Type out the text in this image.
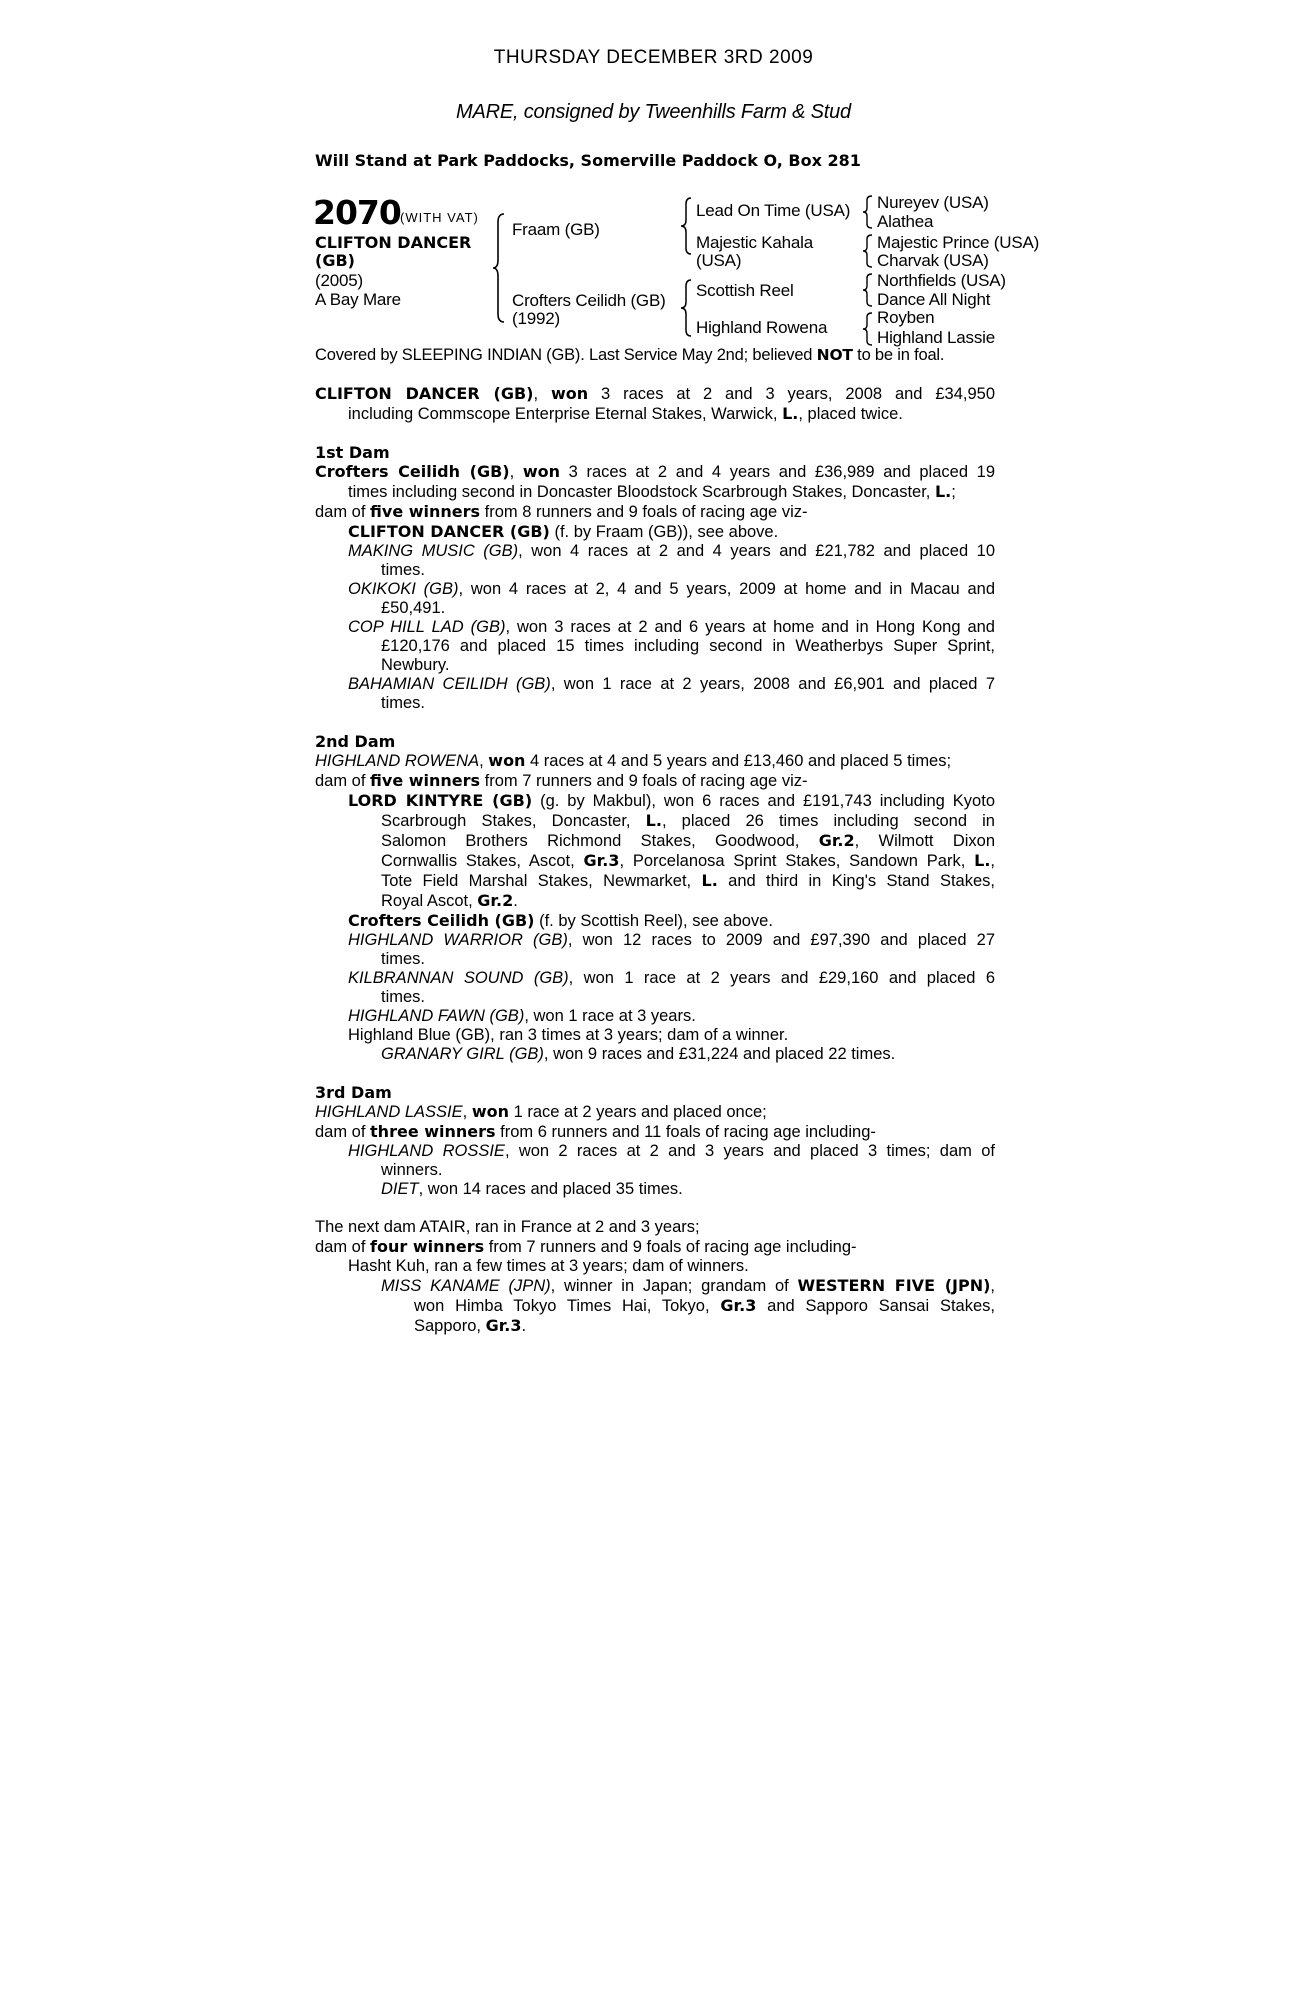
THURSDAY DECEMBER 3RD 2009
MARE, consigned by Tweenhills Farm & Stud
Will Stand at Park Paddocks, Somerville Paddock O, Box 281
2070 (WITH VAT)
CLIFTON DANCER
(GB)
(2005)
A Bay Mare
Fraam (GB)
Crofters Ceilidh (GB)
(1992)
Lead On Time (USA)
Majestic Kahala
(USA)
Scottish Reel
Highland Rowena
Nureyev (USA)
Alathea
Majestic Prince (USA)
Charvak (USA)
Northfields (USA)
Dance All Night
Royben
Highland Lassie
Covered by SLEEPING INDIAN (GB). Last Service May 2nd; believed NOT to be in foal.
CLIFTON DANCER (GB), won 3 races at 2 and 3 years, 2008 and £34,950
including Commscope Enterprise Eternal Stakes, Warwick, L., placed twice.
1st Dam
Crofters Ceilidh (GB), won 3 races at 2 and 4 years and £36,989 and placed 19
times including second in Doncaster Bloodstock Scarbrough Stakes, Doncaster, L.;
dam of five winners from 8 runners and 9 foals of racing age viz-
CLIFTON DANCER (GB) (f. by Fraam (GB)), see above.
MAKING MUSIC (GB), won 4 races at 2 and 4 years and £21,782 and placed 10
times.
OKIKOKI (GB), won 4 races at 2, 4 and 5 years, 2009 at home and in Macau and
£50,491.
COP HILL LAD (GB), won 3 races at 2 and 6 years at home and in Hong Kong and
£120,176 and placed 15 times including second in Weatherbys Super Sprint,
Newbury.
BAHAMIAN CEILIDH (GB), won 1 race at 2 years, 2008 and £6,901 and placed 7
times.
2nd Dam
HIGHLAND ROWENA, won 4 races at 4 and 5 years and £13,460 and placed 5 times;
dam of five winners from 7 runners and 9 foals of racing age viz-
LORD KINTYRE (GB) (g. by Makbul), won 6 races and £191,743 including Kyoto
Scarbrough Stakes, Doncaster, L., placed 26 times including second in
Salomon Brothers Richmond Stakes, Goodwood, Gr.2, Wilmott Dixon
Cornwallis Stakes, Ascot, Gr.3, Porcelanosa Sprint Stakes, Sandown Park, L.,
Tote Field Marshal Stakes, Newmarket, L. and third in King's Stand Stakes,
Royal Ascot, Gr.2.
Crofters Ceilidh (GB) (f. by Scottish Reel), see above.
HIGHLAND WARRIOR (GB), won 12 races to 2009 and £97,390 and placed 27
times.
KILBRANNAN SOUND (GB), won 1 race at 2 years and £29,160 and placed 6
times.
HIGHLAND FAWN (GB), won 1 race at 3 years.
Highland Blue (GB), ran 3 times at 3 years; dam of a winner.
GRANARY GIRL (GB), won 9 races and £31,224 and placed 22 times.
3rd Dam
HIGHLAND LASSIE, won 1 race at 2 years and placed once;
dam of three winners from 6 runners and 11 foals of racing age including-
HIGHLAND ROSSIE, won 2 races at 2 and 3 years and placed 3 times; dam of
winners.
DIET, won 14 races and placed 35 times.
The next dam ATAIR, ran in France at 2 and 3 years;
dam of four winners from 7 runners and 9 foals of racing age including-
Hasht Kuh, ran a few times at 3 years; dam of winners.
MISS KANAME (JPN), winner in Japan; grandam of WESTERN FIVE (JPN),
won Himba Tokyo Times Hai, Tokyo, Gr.3 and Sapporo Sansai Stakes,
Sapporo, Gr.3.
